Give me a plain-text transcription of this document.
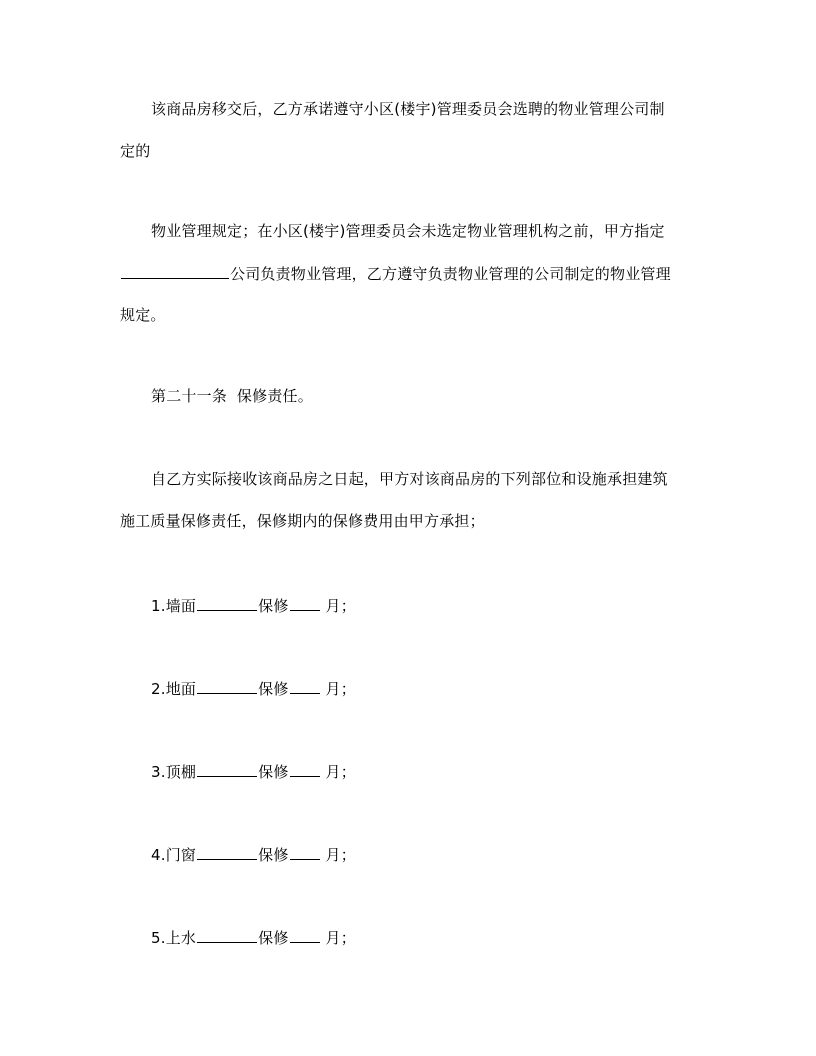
该商品房移交后，乙方承诺遵守小区(楼宇)管理委员会选聘的物业管理公司制
定的
物业管理规定；在小区(楼宇)管理委员会未选定物业管理机构之前，甲方指定
公司负责物业管理，乙方遵守负责物业管理的公司制定的物业管理
规定。
第二十一条  保修责任。
自乙方实际接收该商品房之日起，甲方对该商品房的下列部位和设施承担建筑
施工质量保修责任，保修期内的保修费用由甲方承担；
1.墙面	保修 月；
2.地面	保修 月；
3.顶棚	保修 月；
4.门窗	保修 月；
5.上水	保修 月；
